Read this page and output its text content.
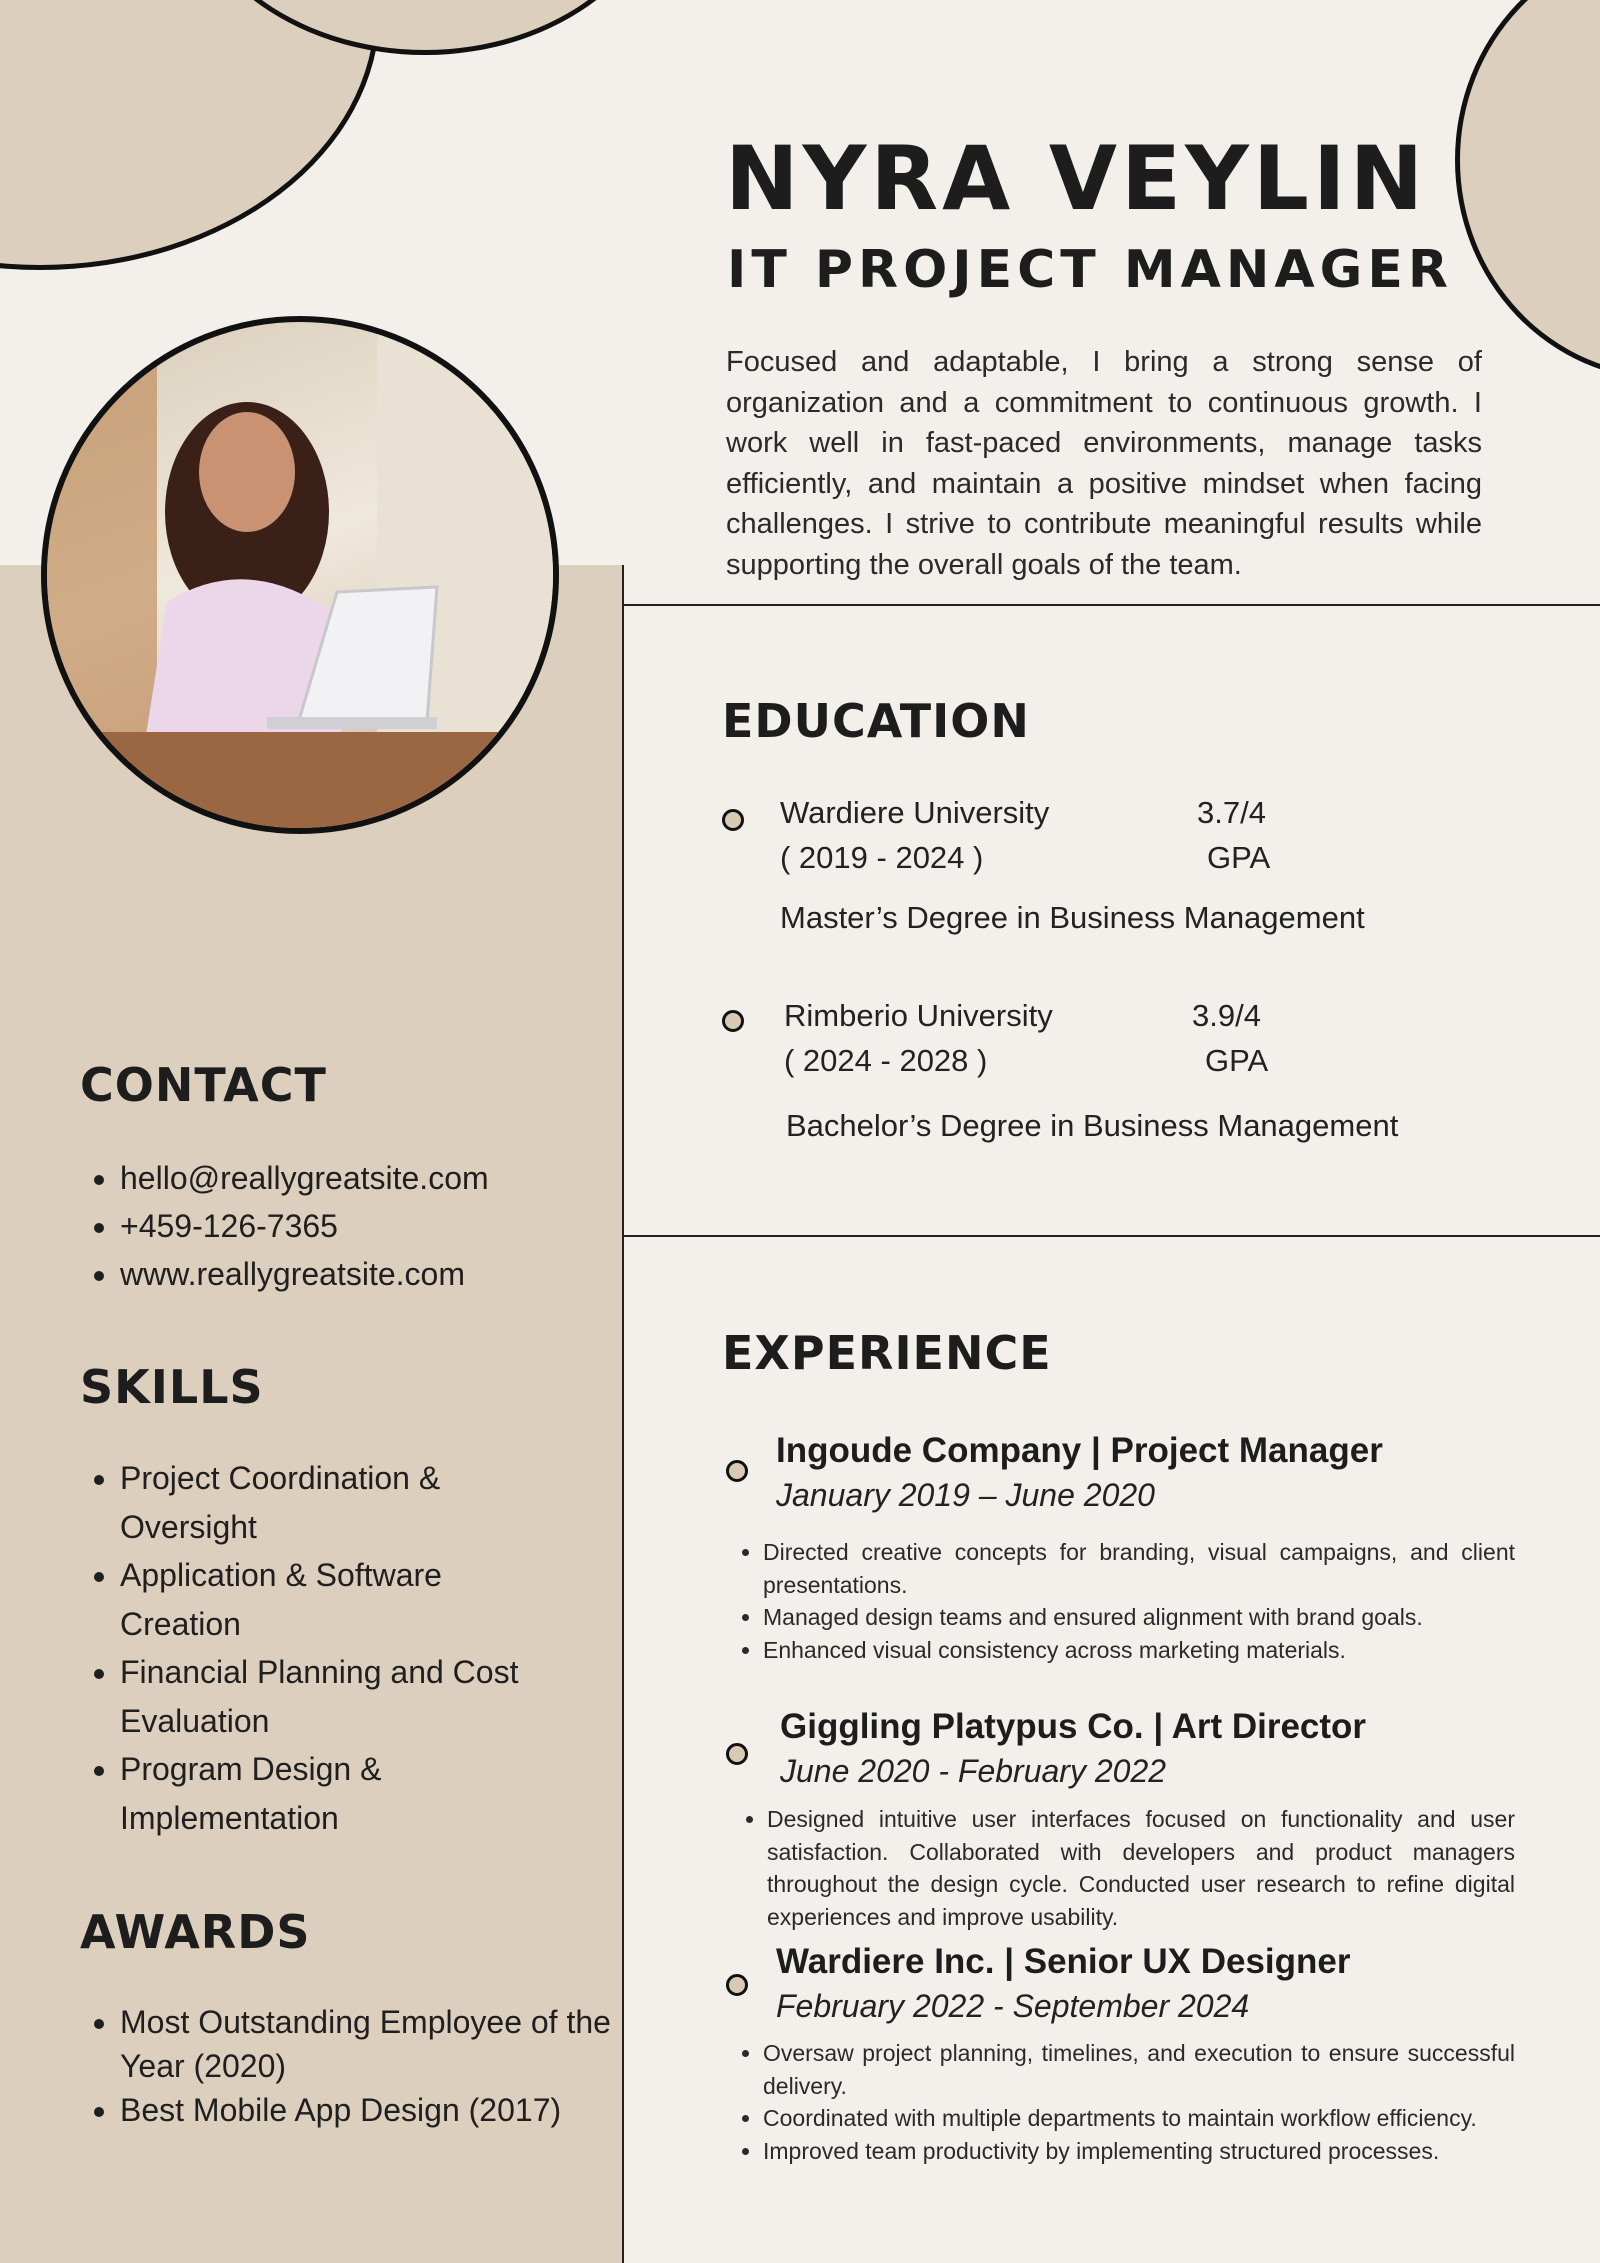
NYRA VEYLIN
IT PROJECT MANAGER
Focused and adaptable, I bring a strong sense of organization and a commitment to continuous growth. I work well in fast-paced environments, manage tasks efficiently, and maintain a positive mindset when facing challenges. I strive to contribute meaningful results while supporting the overall goals of the team.
CONTACT
• hello@reallygreatsite.com
• +459-126-7365
• www.reallygreatsite.com
SKILLS
• Project Coordination & Oversight
• Application & Software Creation
• Financial Planning and Cost Evaluation
• Program Design & Implementation
AWARDS
• Most Outstanding Employee of the Year (2020)
• Best Mobile App Design (2017)
EDUCATION
Wardiere University
( 2019 - 2024 )
3.7/4
GPA
Master’s Degree in Business Management
Rimberio University
( 2024 - 2028 )
3.9/4
GPA
Bachelor’s Degree in Business Management
EXPERIENCE
Ingoude Company | Project Manager
January 2019 – June 2020
• Directed creative concepts for branding, visual campaigns, and client presentations.
• Managed design teams and ensured alignment with brand goals.
• Enhanced visual consistency across marketing materials.
Giggling Platypus Co. | Art Director
June 2020 - February 2022
• Designed intuitive user interfaces focused on functionality and user satisfaction. Collaborated with developers and product managers throughout the design cycle. Conducted user research to refine digital experiences and improve usability.
Wardiere Inc. | Senior UX Designer
February 2022 - September 2024
• Oversaw project planning, timelines, and execution to ensure successful delivery.
• Coordinated with multiple departments to maintain workflow efficiency.
• Improved team productivity by implementing structured processes.
